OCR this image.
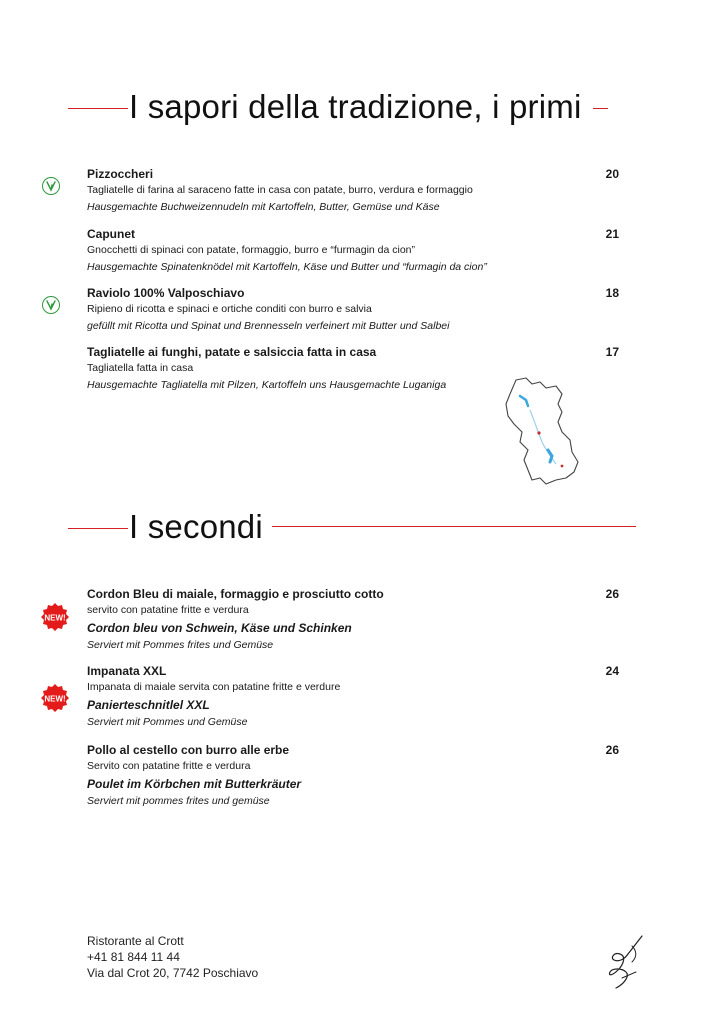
I sapori della tradizione, i primi
Pizzoccheri	20
Tagliatelle di farina al saraceno fatte in casa con patate, burro, verdura e formaggio
Hausgemachte Buchweizennudeln mit Kartoffeln, Butter, Gemüse und Käse
Capunet	21
Gnocchetti di spinaci con patate, formaggio, burro e “furmagin da cion”
Hausgemachte Spinatenknödel mit Kartoffeln, Käse und Butter und “furmagin da cion”
Raviolo 100% Valposchiavo	18
Ripieno di ricotta e spinaci e ortiche conditi con burro e salvia
gefüllt mit Ricotta und Spinat und Brennesseln verfeinert mit Butter und Salbei
Tagliatelle ai funghi, patate e salsiccia fatta in casa	17
Tagliatella fatta in casa
Hausgemachte Tagliatella mit Pilzen, Kartoffeln uns Hausgemachte Luganiga
I secondi
NEW!
Cordon Bleu di maiale, formaggio e prosciutto cotto	26
servito con patatine fritte e verdura
Cordon bleu von Schwein, Käse und Schinken
Serviert mit Pommes frites und Gemüse
NEW!
Impanata XXL	24
Impanata di maiale servita con patatine fritte e verdure
Panierteschnitlel XXL
Serviert mit Pommes und Gemüse
Pollo al cestello con burro alle erbe	26
Servito con patatine fritte e verdura
Poulet im Körbchen mit Butterkräuter
Serviert mit pommes frites und gemüse
Ristorante al Crott
+41 81 844 11 44
Via dal Crot 20, 7742 Poschiavo
